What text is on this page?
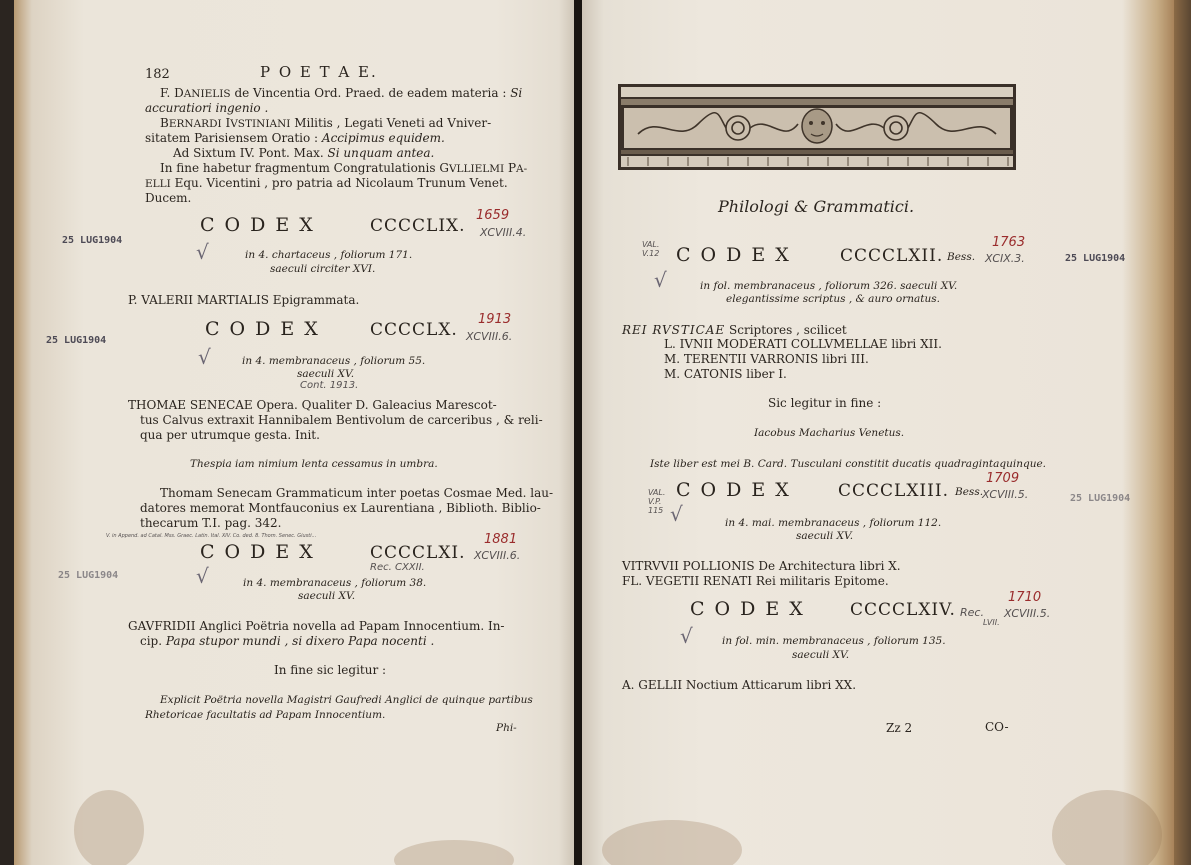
182	P O E T A E.
F. DANIELIS de Vincentia Ord. Praed. de eadem materia : Si
accuratiori ingenio .
BERNARDI IVSTINIANI Militis , Legati Veneti ad Vniver-
sitatem Parisiensem Oratio : Accipimus equidem.
Ad Sixtum IV. Pont. Max. Si unquam antea.
In fine habetur fragmentum Congratulationis GVLLIELMI PA-
ELLI Equ. Vicentini , pro patria ad Nicolaum Trunum Venet.
Ducem.
25 LUG1904
25 LUG1904
25 LUG1904
CODEX	CCCCLIX.
1659
XCVIII.4.
√	in 4. chartaceus , foliorum 171.
saeculi circiter XVI.
P. VALERII MARTIALIS Epigrammata.
CODEX CCCCLX.
1913
XCVIII.6.
√	in 4. membranaceus , foliorum 55.
saeculi XV.
Cont. 1913.
THOMAE SENECAE Opera. Qualiter D. Galeacius Marescot-
tus Calvus extraxit Hannibalem Bentivolum de carceribus , & reli-
qua per utrumque gesta. Init.
Thespia iam nimium lenta cessamus in umbra.
Thomam Senecam Grammaticum inter poetas Cosmae Med. lau-
datores memorat Montfauconius ex Laurentiana , Biblioth. Biblio-
thecarum T.I. pag. 342.
V. in Append. ad Catal. Mss. Graec. Latin. Ital. XIV. Co. ded. 8. Thom. Senec. Giusti...
CODEX	CCCCLXI.
1881
XCVIII.6.
Rec. CXXII.
√	in 4. membranaceus , foliorum 38.
saeculi XV.
GAVFRIDII Anglici Poëtria novella ad Papam Innocentium. In-
cip. Papa stupor mundi , si dixero Papa nocenti .
In fine sic legitur :
Explicit Poëtria novella Magistri Gaufredi Anglici de quinque partibus
Rhetoricae facultatis ad Papam Innocentium.
Phi-
Philologi & Grammatici.
25 LUG1904
25 LUG1904
VAL. V.12 CODEX CCCCLXII. Bess.
1763
XCIX.3.
√	in fol. membranaceus , foliorum 326. saeculi XV.
elegantissime scriptus , & auro ornatus.
REI RVSTICAE Scriptores , scilicet
L. IVNII MODERATI COLLVMELLAE libri XII.
M. TERENTII VARRONIS libri III.
M. CATONIS liber I.
Sic legitur in fine :
Iacobus Macharius Venetus.
Iste liber est mei B. Card. Tusculani constitit ducatis quadragintaquinque.
VAL. V.P. 115
CODEX CCCCLXIII. Bess.
1709
XCVIII.5.
√	in 4. mai. membranaceus , foliorum 112.
saeculi XV.
VITRVVII POLLIONIS De Architectura libri X.
FL. VEGETII RENATI Rei militaris Epitome.
CODEX CCCCLXIV. Rec.
LVII.
1710
XCVIII.5.
√	in fol. min. membranaceus , foliorum 135.
saeculi XV.
A. GELLII Noctium Atticarum libri XX.
Zz 2	CO-
